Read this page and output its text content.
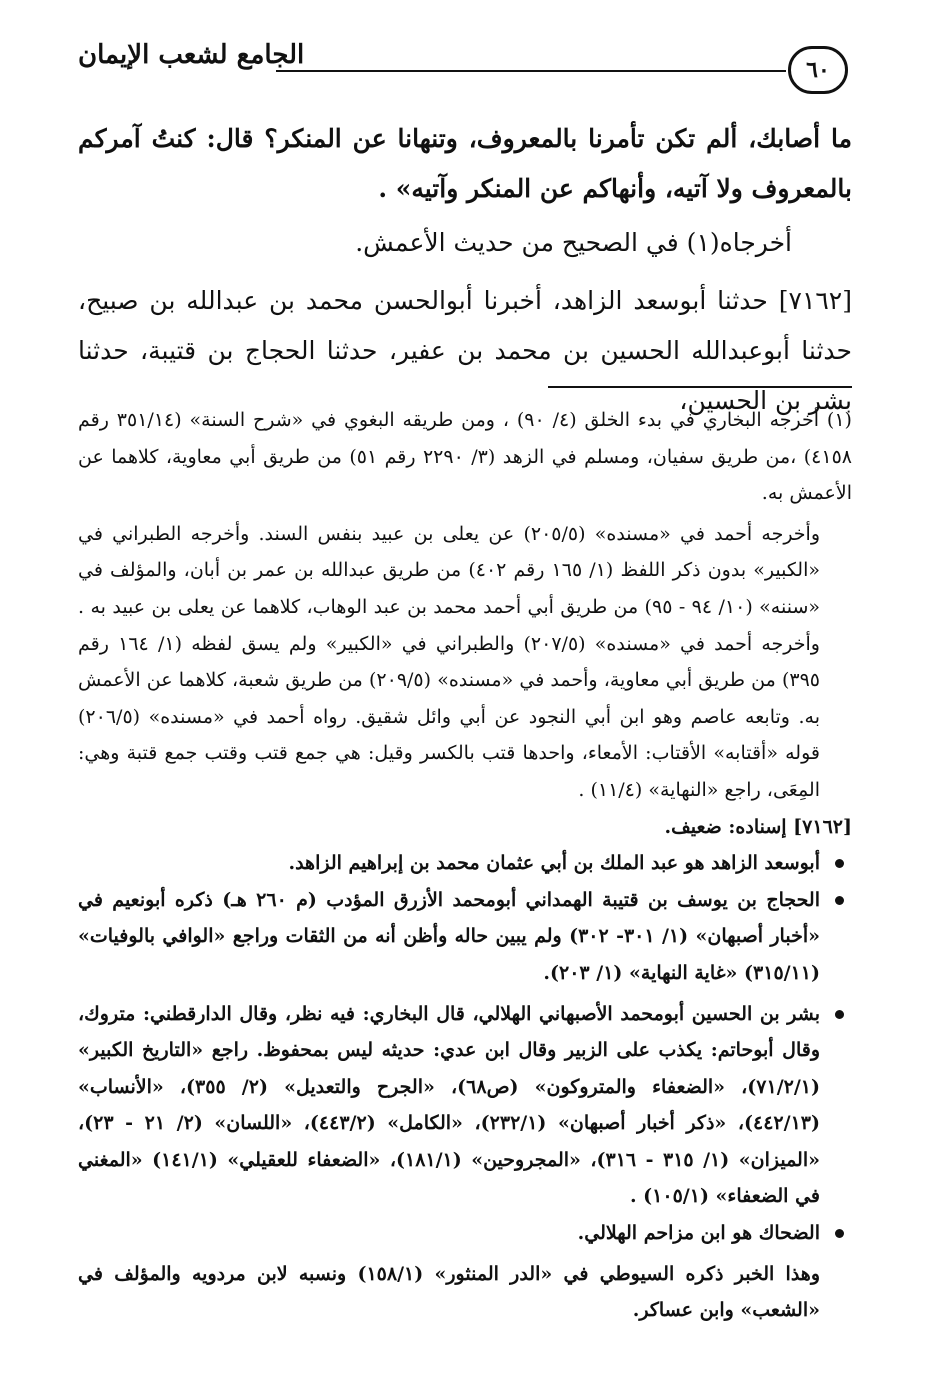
الجامع لشعب الإيمان	٦٠

ما أصابك، ألم تكن تأمرنا بالمعروف، وتنهانا عن المنكر؟ قال: كنتُ آمركم بالمعروف ولا آتيه، وأنهاكم عن المنكر وآتيه» .

أخرجاه(١) في الصحيح من حديث الأعمش.

[٧١٦٢] حدثنا أبوسعد الزاهد، أخبرنا أبوالحسن محمد بن عبدالله بن صبيح، حدثنا أبوعبدالله الحسين بن محمد بن عفير، حدثنا الحجاج بن قتيبة، حدثنا بشر بن الحسين،

(١) أخرجه البخاري في بدء الخلق (٤/ ٩٠) ، ومن طريقه البغوي في «شرح السنة» (٣٥١/١٤ رقم ٤١٥٨) ،من طريق سفيان، ومسلم في الزهد (٣/ ٢٢٩٠ رقم ٥١) من طريق أبي معاوية، كلاهما عن الأعمش به.

وأخرجه أحمد في «مسنده» (٢٠٥/٥) عن يعلى بن عبيد بنفس السند. وأخرجه الطبراني في «الكبير» بدون ذكر اللفظ (١/ ١٦٥ رقم ٤٠٢) من طريق عبدالله بن عمر بن أبان، والمؤلف في «سننه» (١٠/ ٩٤ - ٩٥) من طريق أبي أحمد محمد بن عبد الوهاب، كلاهما عن يعلى بن عبيد به . وأخرجه أحمد في «مسنده» (٢٠٧/٥) والطبراني في «الكبير» ولم يسق لفظه (١/ ١٦٤ رقم ٣٩٥) من طريق أبي معاوية، وأحمد في «مسنده» (٢٠٩/٥) من طريق شعبة، كلاهما عن الأعمش به. وتابعه عاصم وهو ابن أبي النجود عن أبي وائل شقيق. رواه أحمد في «مسنده» (٢٠٦/٥) قوله «أقتابه» الأقتاب: الأمعاء، واحدها قتب بالكسر وقيل: هي جمع قتب وقتب جمع قتبة وهي: المِعَى، راجع «النهاية» (١١/٤) .

[٧١٦٢] إسناده: ضعيف.

أبوسعد الزاهد هو عبد الملك بن أبي عثمان محمد بن إبراهيم الزاهد.
الحجاج بن يوسف بن قتيبة الهمداني أبومحمد الأزرق المؤدب (م ٢٦٠ هـ) ذكره أبونعيم في «أخبار أصبهان» (١/ ٣٠١- ٣٠٢) ولم يبين حاله وأظن أنه من الثقات وراجع «الوافي بالوفيات» (٣١٥/١١) «غاية النهاية» (١/ ٢٠٣).
بشر بن الحسين أبومحمد الأصبهاني الهلالي، قال البخاري: فيه نظر، وقال الدارقطني: متروك، وقال أبوحاتم: يكذب على الزبير وقال ابن عدي: حديثه ليس بمحفوظ. راجع «التاريخ الكبير» (٧١/٢/١)، «الضعفاء والمتروكون» (ص٦٨)، «الجرح والتعديل» (٢/ ٣٥٥)، «الأنساب» (٤٤٢/١٣)، «ذكر أخبار أصبهان» (٢٣٢/١)، «الكامل» (٤٤٣/٢)، «اللسان» (٢/ ٢١ - ٢٣)، «الميزان» (١/ ٣١٥ - ٣١٦)، «المجروحين» (١٨١/١)، «الضعفاء للعقيلي» (١٤١/١) «المغني في الضعفاء» (١٠٥/١) .
الضحاك هو ابن مزاحم الهلالي.

وهذا الخبر ذكره السيوطي في «الدر المنثور» (١٥٨/١) ونسبه لابن مردويه والمؤلف في «الشعب» وابن عساكر.
